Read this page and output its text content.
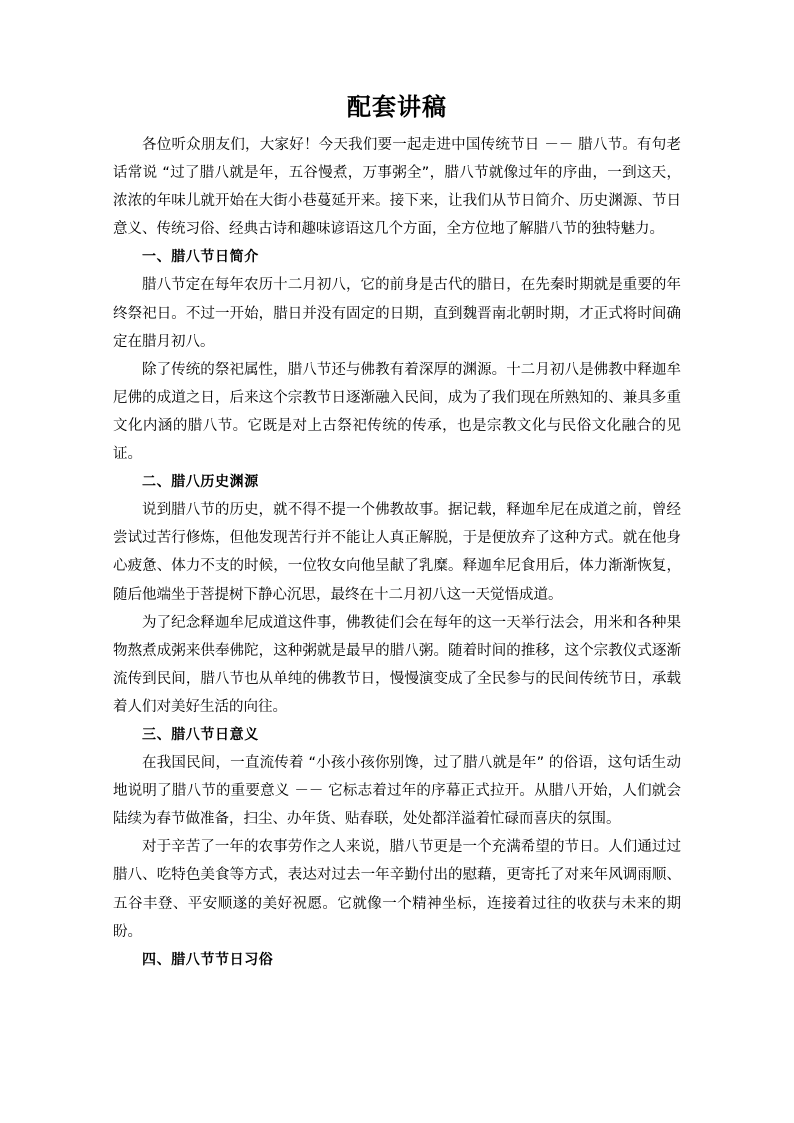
配套讲稿

各位听众朋友们，大家好！今天我们要一起走进中国传统节日 －－ 腊八节。有句老话常说 “过了腊八就是年，五谷慢煮，万事粥全”，腊八节就像过年的序曲，一到这天，浓浓的年味儿就开始在大街小巷蔓延开来。接下来，让我们从节日简介、历史渊源、节日意义、传统习俗、经典古诗和趣味谚语这几个方面，全方位地了解腊八节的独特魅力。

一、腊八节日简介

腊八节定在每年农历十二月初八，它的前身是古代的腊日，在先秦时期就是重要的年终祭祀日。不过一开始，腊日并没有固定的日期，直到魏晋南北朝时期，才正式将时间确定在腊月初八。

除了传统的祭祀属性，腊八节还与佛教有着深厚的渊源。十二月初八是佛教中释迦牟尼佛的成道之日，后来这个宗教节日逐渐融入民间，成为了我们现在所熟知的、兼具多重文化内涵的腊八节。它既是对上古祭祀传统的传承，也是宗教文化与民俗文化融合的见证。

二、腊八历史渊源

说到腊八节的历史，就不得不提一个佛教故事。据记载，释迦牟尼在成道之前，曾经尝试过苦行修炼，但他发现苦行并不能让人真正解脱，于是便放弃了这种方式。就在他身心疲惫、体力不支的时候，一位牧女向他呈献了乳糜。释迦牟尼食用后，体力渐渐恢复，随后他端坐于菩提树下静心沉思，最终在十二月初八这一天觉悟成道。

为了纪念释迦牟尼成道这件事，佛教徒们会在每年的这一天举行法会，用米和各种果物熬煮成粥来供奉佛陀，这种粥就是最早的腊八粥。随着时间的推移，这个宗教仪式逐渐流传到民间，腊八节也从单纯的佛教节日，慢慢演变成了全民参与的民间传统节日，承载着人们对美好生活的向往。

三、腊八节日意义

在我国民间，一直流传着 “小孩小孩你别馋，过了腊八就是年” 的俗语，这句话生动地说明了腊八节的重要意义 －－ 它标志着过年的序幕正式拉开。从腊八开始，人们就会陆续为春节做准备，扫尘、办年货、贴春联，处处都洋溢着忙碌而喜庆的氛围。

对于辛苦了一年的农事劳作之人来说，腊八节更是一个充满希望的节日。人们通过过腊八、吃特色美食等方式，表达对过去一年辛勤付出的慰藉，更寄托了对来年风调雨顺、五谷丰登、平安顺遂的美好祝愿。它就像一个精神坐标，连接着过往的收获与未来的期盼。

四、腊八节节日习俗
